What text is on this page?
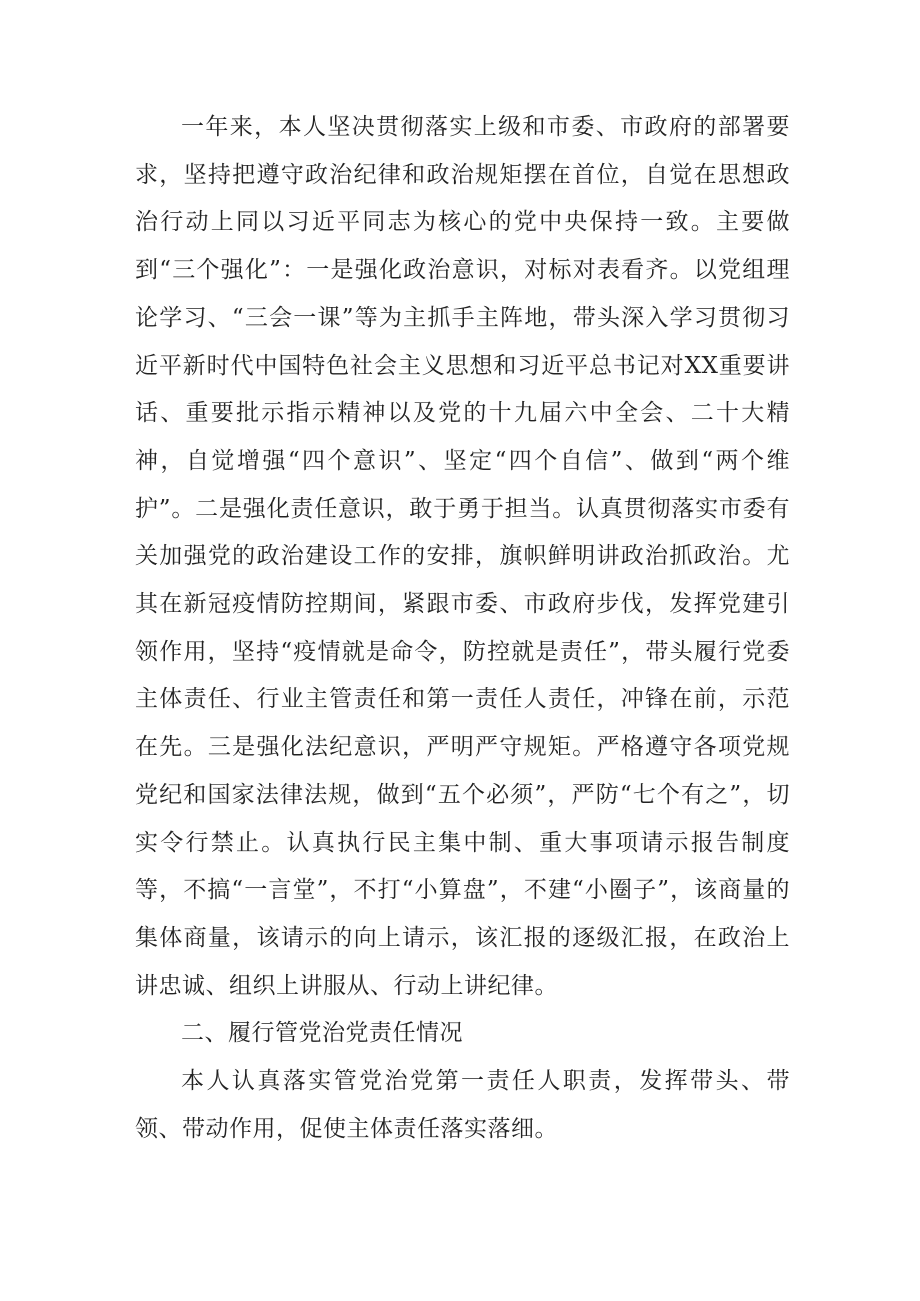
一年来，本人坚决贯彻落实上级和市委、市政府的部署要求，坚持把遵守政治纪律和政治规矩摆在首位，自觉在思想政治行动上同以习近平同志为核心的党中央保持一致。主要做到“三个强化”：一是强化政治意识，对标对表看齐。以党组理论学习、“三会一课”等为主抓手主阵地，带头深入学习贯彻习近平新时代中国特色社会主义思想和习近平总书记对XX重要讲话、重要批示指示精神以及党的十九届六中全会、二十大精神，自觉增强“四个意识”、坚定“四个自信”、做到“两个维护”。二是强化责任意识，敢于勇于担当。认真贯彻落实市委有关加强党的政治建设工作的安排，旗帜鲜明讲政治抓政治。尤其在新冠疫情防控期间，紧跟市委、市政府步伐，发挥党建引领作用，坚持“疫情就是命令，防控就是责任”，带头履行党委主体责任、行业主管责任和第一责任人责任，冲锋在前，示范在先。三是强化法纪意识，严明严守规矩。严格遵守各项党规党纪和国家法律法规，做到“五个必须”，严防“七个有之”，切实令行禁止。认真执行民主集中制、重大事项请示报告制度等，不搞“一言堂”，不打“小算盘”，不建“小圈子”，该商量的集体商量，该请示的向上请示，该汇报的逐级汇报，在政治上讲忠诚、组织上讲服从、行动上讲纪律。

二、履行管党治党责任情况

本人认真落实管党治党第一责任人职责，发挥带头、带领、带动作用，促使主体责任落实落细。
